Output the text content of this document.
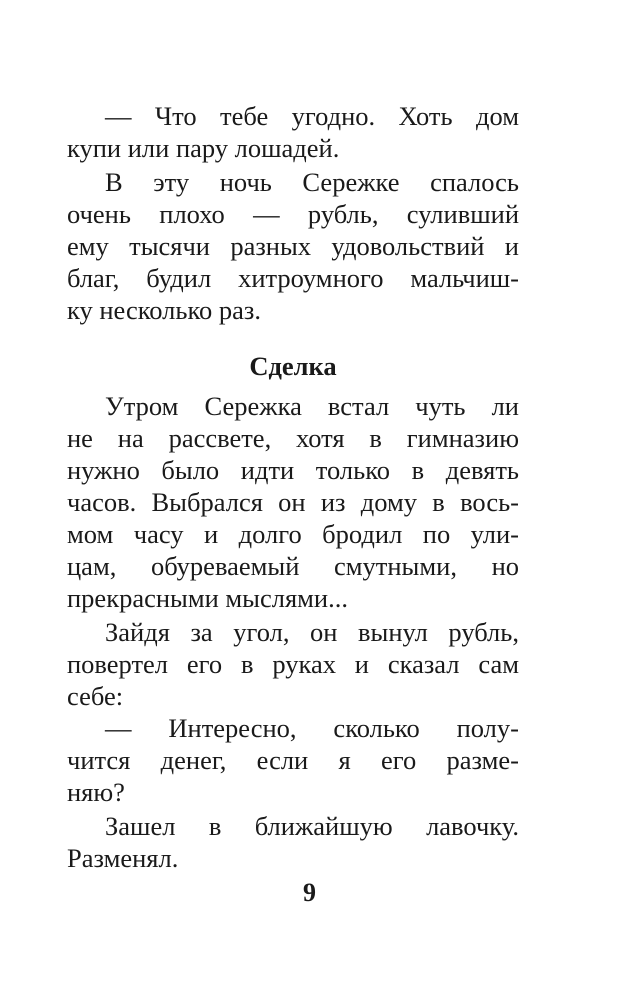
— Что тебе угодно. Хоть дом
купи или пару лошадей.
В эту ночь Сережке спалось
очень плохо — рубль, суливший
ему тысячи разных удовольствий и
благ, будил хитроумного мальчиш-
ку несколько раз.
Сделка
Утром Сережка встал чуть ли
не на рассвете, хотя в гимназию
нужно было идти только в девять
часов. Выбрался он из дому в вось-
мом часу и долго бродил по ули-
цам, обуреваемый смутными, но
прекрасными мыслями...
Зайдя за угол, он вынул рубль,
повертел его в руках и сказал сам
себе:
— Интересно, сколько полу-
чится денег, если я его разме-
няю?
Зашел в ближайшую лавочку.
Разменял.
9
